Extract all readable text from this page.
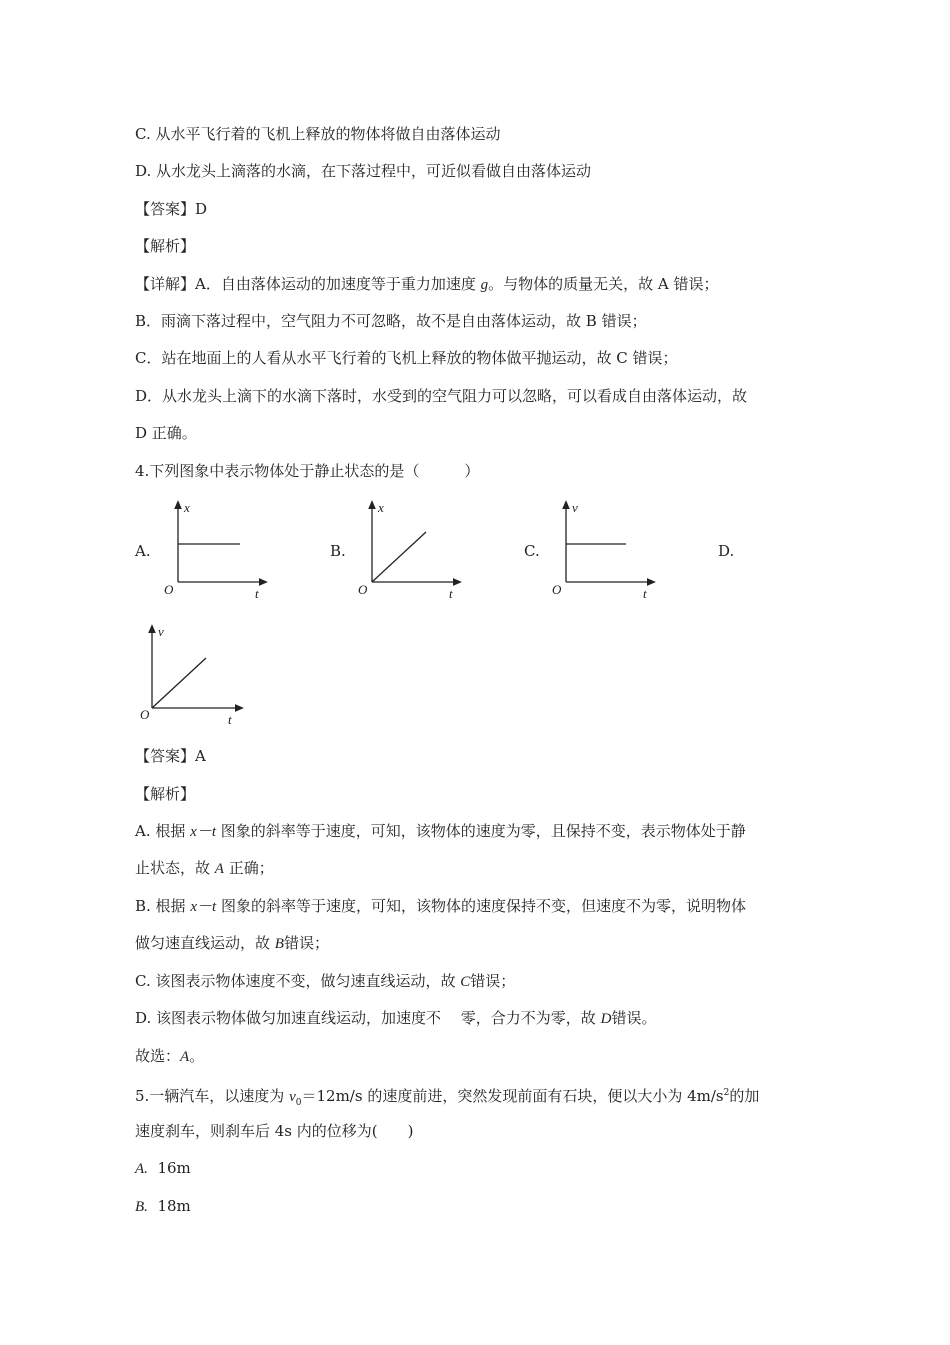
C. 从水平飞行着的飞机上释放的物体将做自由落体运动
D. 从水龙头上滴落的水滴，在下落过程中，可近似看做自由落体运动
【答案】D
【解析】
【详解】A．自由落体运动的加速度等于重力加速度 g。与物体的质量无关，故 A 错误；
B．雨滴下落过程中，空气阻力不可忽略，故不是自由落体运动，故 B 错误；
C．站在地面上的人看从水平飞行着的飞机上释放的物体做平抛运动，故 C 错误；
D．从水龙头上滴下的水滴下落时，水受到的空气阻力可以忽略，可以看成自由落体运动，故
D 正确。
4.下列图象中表示物体处于静止状态的是（　　　）
A.	B.	C.	D.
x
t
O
x
t
O
v
t
O
v
t
O
【答案】A
【解析】
A. 根据 x－t 图象的斜率等于速度，可知，该物体的速度为零，且保持不变，表示物体处于静
止状态，故 A 正确；
B. 根据 x－t 图象的斜率等于速度，可知，该物体的速度保持不变，但速度不为零，说明物体
做匀速直线运动，故 B错误；
C. 该图表示物体速度不变，做匀速直线运动，故 C错误；
D. 该图表示物体做匀加速直线运动，加速度不　 零，合力不为零，故 D错误。
故选：A。
5.一辆汽车，以速度为 $v_0=12m/s$ 的速度前进，突然发现前面有石块，便以大小为 $4m/s^2$的加
速度刹车，则刹车后 4s 内的位移为(　　)
A. 16m
B. 18m
